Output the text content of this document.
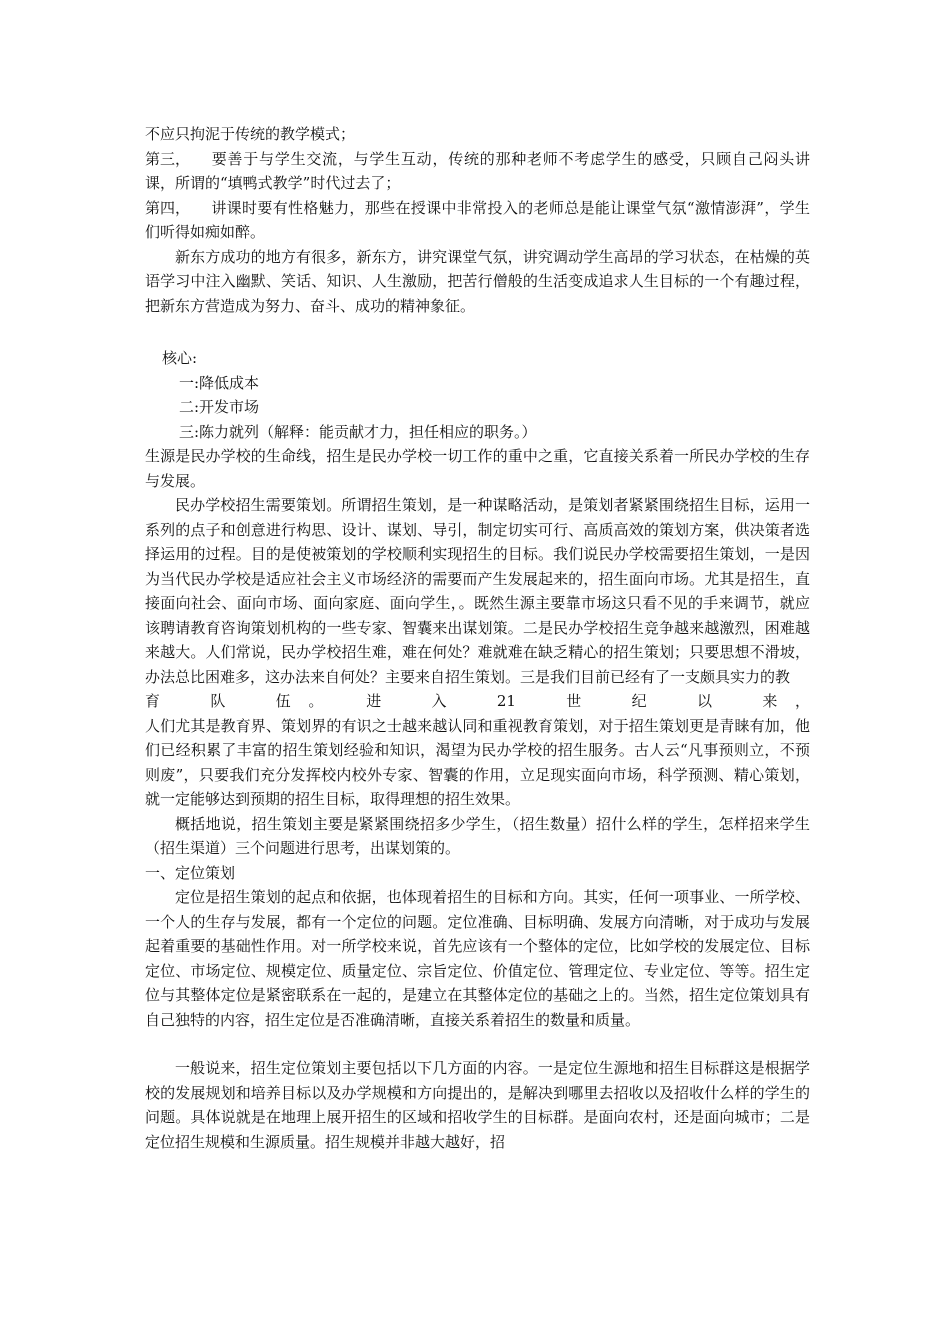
不应只拘泥于传统的教学模式；

第三， 要善于与学生交流，与学生互动，传统的那种老师不考虑学生的感受，只顾自己闷头讲课，所谓的“填鸭式教学”时代过去了；

第四， 讲课时要有性格魅力，那些在授课中非常投入的老师总是能让课堂气氛“激情澎湃”，学生们听得如痴如醉。

新东方成功的地方有很多，新东方，讲究课堂气氛，讲究调动学生高昂的学习状态，在枯燥的英语学习中注入幽默、笑话、知识、人生激励，把苦行僧般的生活变成追求人生目标的一个有趣过程，把新东方营造成为努力、奋斗、成功的精神象征。

核心:

一:降低成本

二:开发市场

三:陈力就列（解释：能贡献才力，担任相应的职务。）

生源是民办学校的生命线，招生是民办学校一切工作的重中之重，它直接关系着一所民办学校的生存与发展。

民办学校招生需要策划。所谓招生策划，是一种谋略活动，是策划者紧紧围绕招生目标，运用一系列的点子和创意进行构思、设计、谋划、导引，制定切实可行、高质高效的策划方案，供决策者选择运用的过程。目的是使被策划的学校顺利实现招生的目标。我们说民办学校需要招生策划，一是因为当代民办学校是适应社会主义市场经济的需要而产生发展起来的，招生面向市场。尤其是招生，直接面向社会、面向市场、面向家庭、面向学生，。既然生源主要靠市场这只看不见的手来调节，就应该聘请教育咨询策划机构的一些专家、智囊来出谋划策。二是民办学校招生竞争越来越激烈，困难越来越大。人们常说，民办学校招生难，难在何处？难就难在缺乏精心的招生策划；只要思想不滑坡，办法总比困难多，这办法来自何处？主要来自招生策划。三是我们目前已经有了一支颇具实力的教

育　队　伍。　进　入　21　世　纪　以　来，

人们尤其是教育界、策划界的有识之士越来越认同和重视教育策划，对于招生策划更是青睐有加，他们已经积累了丰富的招生策划经验和知识，渴望为民办学校的招生服务。古人云“凡事预则立，不预则废”，只要我们充分发挥校内校外专家、智囊的作用，立足现实面向市场，科学预测、精心策划，就一定能够达到预期的招生目标，取得理想的招生效果。

概括地说，招生策划主要是紧紧围绕招多少学生，（招生数量）招什么样的学生，怎样招来学生（招生渠道）三个问题进行思考，出谋划策的。

一、定位策划

定位是招生策划的起点和依据，也体现着招生的目标和方向。其实，任何一项事业、一所学校、一个人的生存与发展，都有一个定位的问题。定位准确、目标明确、发展方向清晰，对于成功与发展起着重要的基础性作用。对一所学校来说，首先应该有一个整体的定位，比如学校的发展定位、目标定位、市场定位、规模定位、质量定位、宗旨定位、价值定位、管理定位、专业定位、等等。招生定位与其整体定位是紧密联系在一起的，是建立在其整体定位的基础之上的。当然，招生定位策划具有自己独特的内容，招生定位是否准确清晰，直接关系着招生的数量和质量。

一般说来，招生定位策划主要包括以下几方面的内容。一是定位生源地和招生目标群这是根据学校的发展规划和培养目标以及办学规模和方向提出的，是解决到哪里去招收以及招收什么样的学生的问题。具体说就是在地理上展开招生的区域和招收学生的目标群。是面向农村，还是面向城市；二是定位招生规模和生源质量。招生规模并非越大越好，招
